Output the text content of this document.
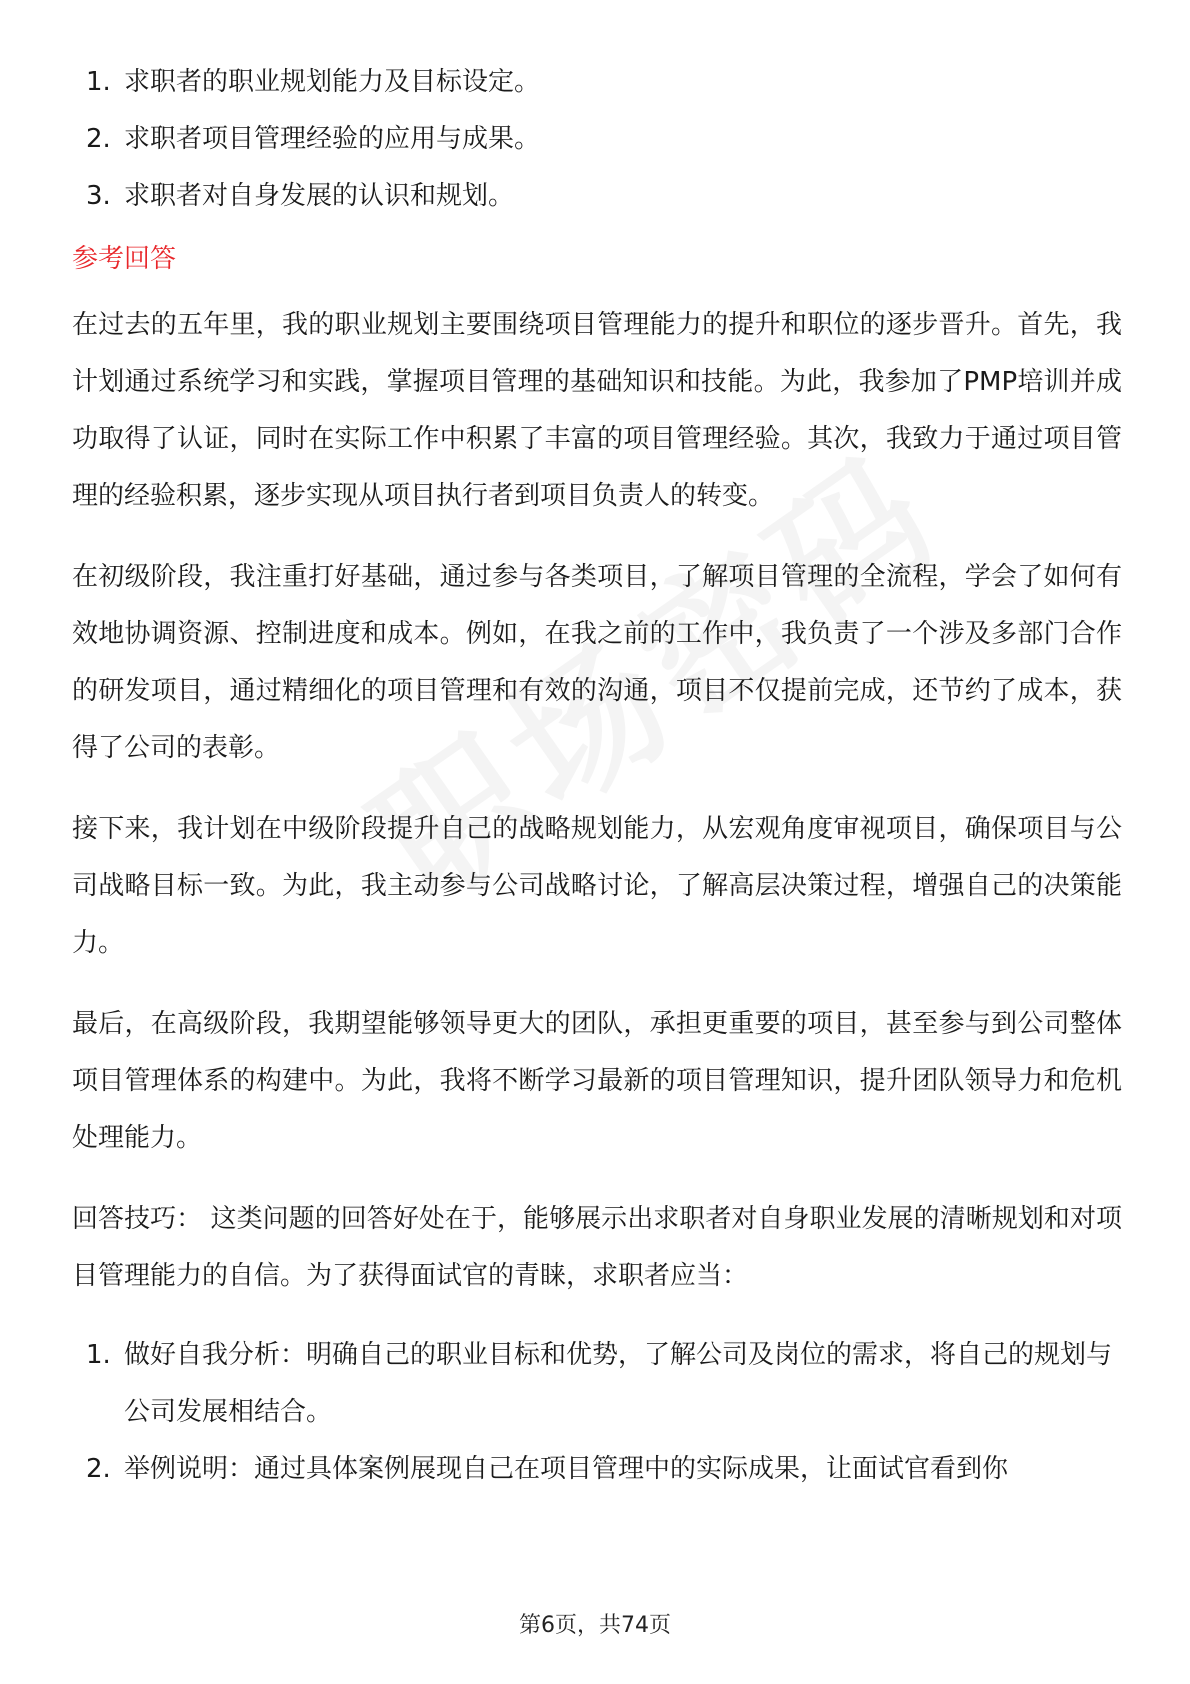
1. 求职者的职业规划能力及目标设定。
2. 求职者项目管理经验的应用与成果。
3. 求职者对自身发展的认识和规划。
参考回答

在过去的五年里，我的职业规划主要围绕项目管理能力的提升和职位的逐步晋升。首先，我计划通过系统学习和实践，掌握项目管理的基础知识和技能。为此，我参加了PMP培训并成功取得了认证，同时在实际工作中积累了丰富的项目管理经验。其次，我致力于通过项目管理的经验积累，逐步实现从项目执行者到项目负责人的转变。

在初级阶段，我注重打好基础，通过参与各类项目，了解项目管理的全流程，学会了如何有效地协调资源、控制进度和成本。例如，在我之前的工作中，我负责了一个涉及多部门合作的研发项目，通过精细化的项目管理和有效的沟通，项目不仅提前完成，还节约了成本，获得了公司的表彰。

接下来，我计划在中级阶段提升自己的战略规划能力，从宏观角度审视项目，确保项目与公司战略目标一致。为此，我主动参与公司战略讨论，了解高层决策过程，增强自己的决策能力。

最后，在高级阶段，我期望能够领导更大的团队，承担更重要的项目，甚至参与到公司整体项目管理体系的构建中。为此，我将不断学习最新的项目管理知识，提升团队领导力和危机处理能力。

回答技巧： 这类问题的回答好处在于，能够展示出求职者对自身职业发展的清晰规划和对项目管理能力的自信。为了获得面试官的青睐，求职者应当：

1. 做好自我分析：明确自己的职业目标和优势，了解公司及岗位的需求，将自己的规划与公司发展相结合。
2. 举例说明：通过具体案例展现自己在项目管理中的实际成果，让面试官看到你
第6页，共74页
